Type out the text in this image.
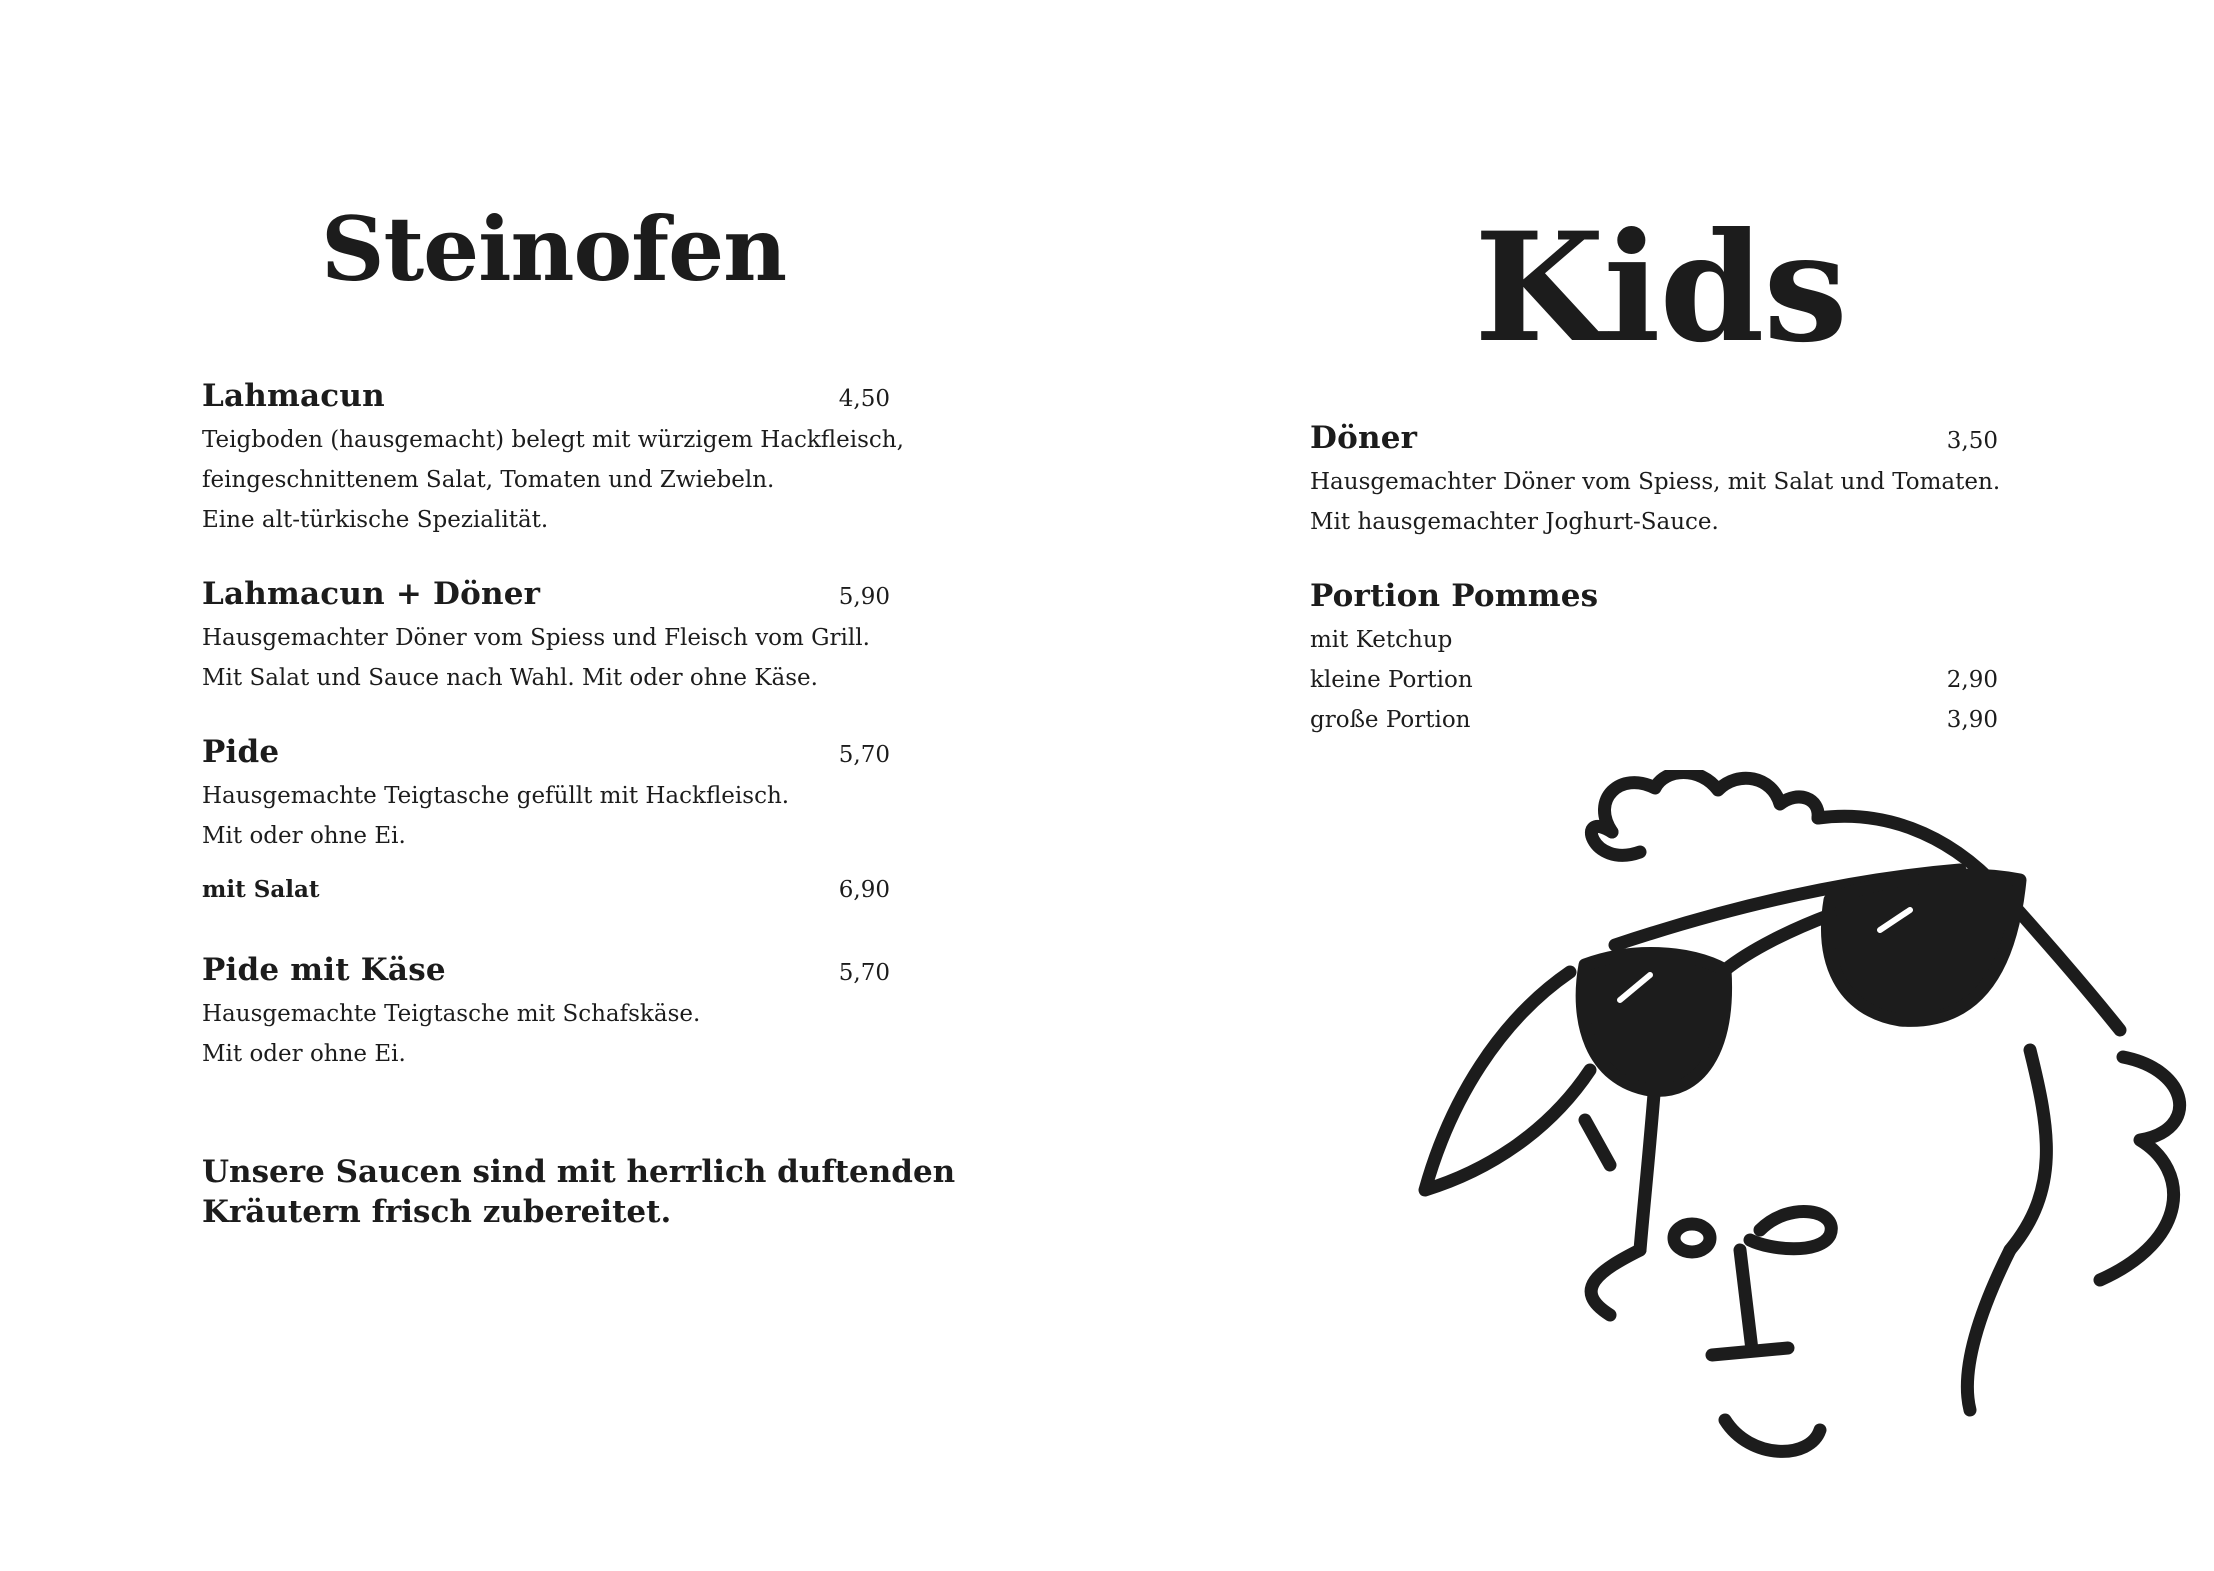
Steinofen
Lahmacun	4,50
Teigboden (hausgemacht) belegt mit würzigem Hackfleisch,
feingeschnittenem Salat, Tomaten und Zwiebeln.
Eine alt-türkische Spezialität.
Lahmacun + Döner	5,90
Hausgemachter Döner vom Spiess und Fleisch vom Grill.
Mit Salat und Sauce nach Wahl. Mit oder ohne Käse.
Pide	5,70
Hausgemachte Teigtasche gefüllt mit Hackfleisch.
Mit oder ohne Ei.
mit Salat	6,90
Pide mit Käse	5,70
Hausgemachte Teigtasche mit Schafskäse.
Mit oder ohne Ei.
Unsere Saucen sind mit herrlich duftenden
Kräutern frisch zubereitet.
Kids
Döner	3,50
Hausgemachter Döner vom Spiess, mit Salat und Tomaten.
Mit hausgemachter Joghurt-Sauce.
Portion Pommes
mit Ketchup
kleine Portion	2,90
große Portion	3,90
